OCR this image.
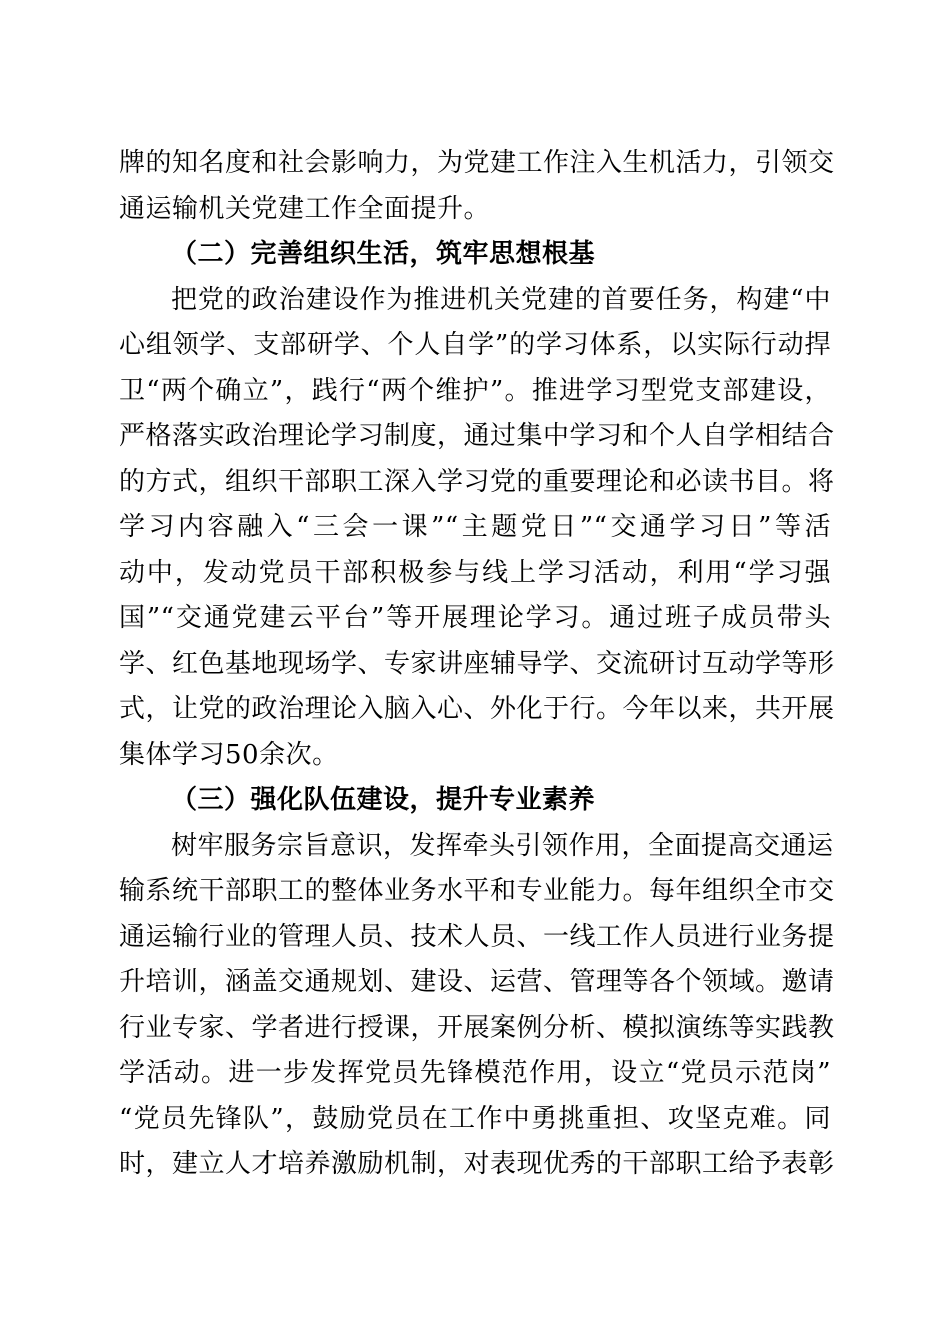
牌的知名度和社会影响力，为党建工作注入生机活力，引领交
通运输机关党建工作全面提升。
（二）完善组织生活，筑牢思想根基
把党的政治建设作为推进机关党建的首要任务，构建“中
心组领学、支部研学、个人自学”的学习体系，以实际行动捍
卫“两个确立”，践行“两个维护”。推进学习型党支部建设，
严格落实政治理论学习制度，通过集中学习和个人自学相结合
的方式，组织干部职工深入学习党的重要理论和必读书目。将
学习内容融入“三会一课”“主题党日”“交通学习日”等活
动中，发动党员干部积极参与线上学习活动，利用“学习强
国”“交通党建云平台”等开展理论学习。通过班子成员带头
学、红色基地现场学、专家讲座辅导学、交流研讨互动学等形
式，让党的政治理论入脑入心、外化于行。今年以来，共开展
集体学习50余次。
（三）强化队伍建设，提升专业素养
树牢服务宗旨意识，发挥牵头引领作用，全面提高交通运
输系统干部职工的整体业务水平和专业能力。每年组织全市交
通运输行业的管理人员、技术人员、一线工作人员进行业务提
升培训，涵盖交通规划、建设、运营、管理等各个领域。邀请
行业专家、学者进行授课，开展案例分析、模拟演练等实践教
学活动。进一步发挥党员先锋模范作用，设立“党员示范岗”
“党员先锋队”，鼓励党员在工作中勇挑重担、攻坚克难。同
时，建立人才培养激励机制，对表现优秀的干部职工给予表彰
